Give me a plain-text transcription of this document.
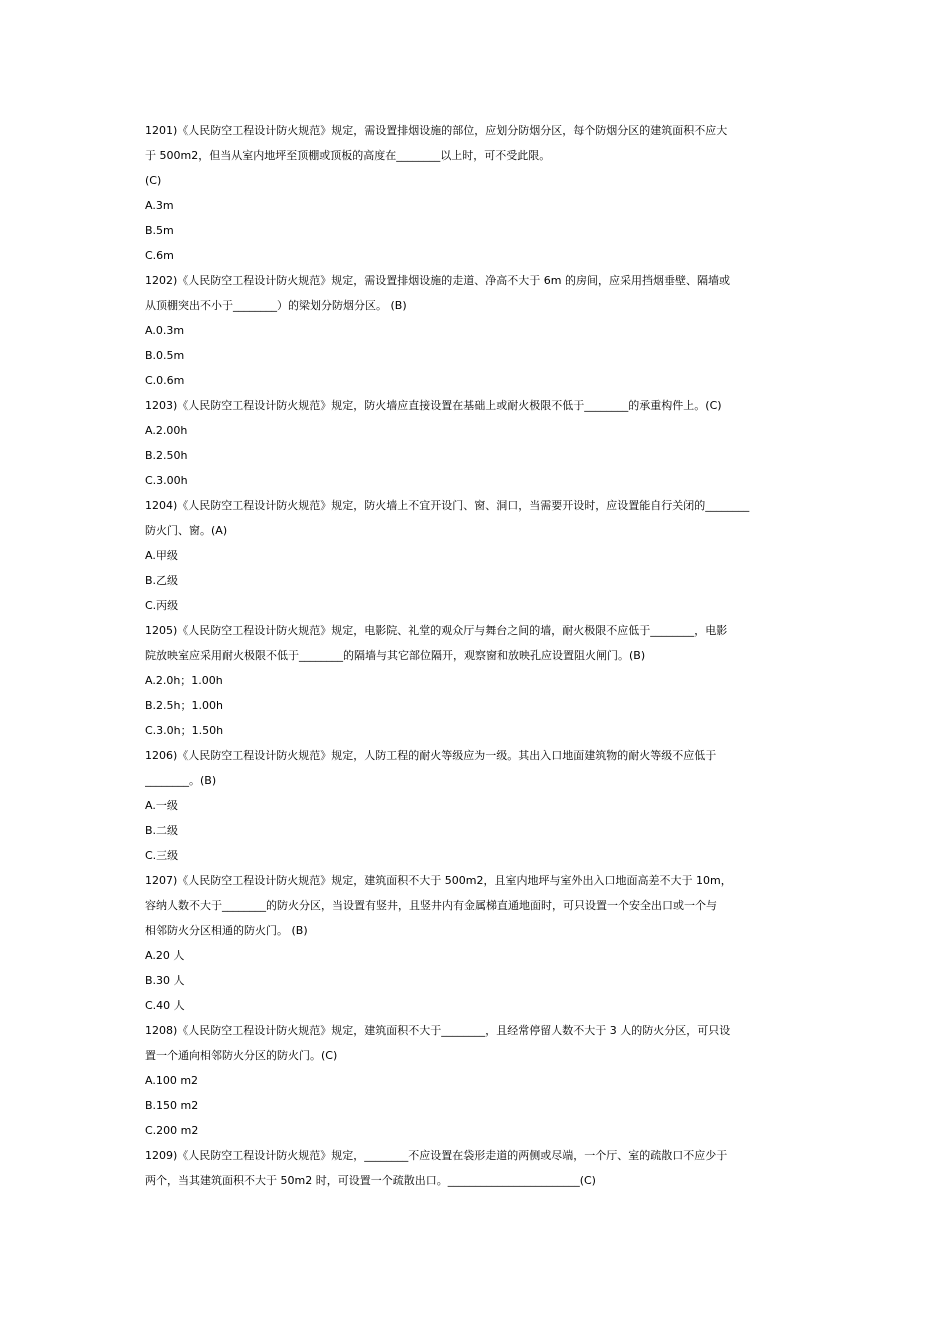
1201)《人民防空工程设计防火规范》规定，需设置排烟设施的部位，应划分防烟分区，每个防烟分区的建筑面积不应大
于 500m2，但当从室内地坪至顶棚或顶板的高度在________以上时，可不受此限。
(C)
A.3m
B.5m
C.6m
1202)《人民防空工程设计防火规范》规定，需设置排烟设施的走道、净高不大于 6m 的房间，应采用挡烟垂壁、隔墙或
从顶棚突出不小于________）的梁划分防烟分区。 (B)
A.0.3m
B.0.5m
C.0.6m
1203)《人民防空工程设计防火规范》规定，防火墙应直接设置在基础上或耐火极限不低于________的承重构件上。(C)
A.2.00h
B.2.50h
C.3.00h
1204)《人民防空工程设计防火规范》规定，防火墙上不宜开设门、窗、洞口，当需要开设时，应设置能自行关闭的________
防火门、窗。(A)
A.甲级
B.乙级
C.丙级
1205)《人民防空工程设计防火规范》规定，电影院、礼堂的观众厅与舞台之间的墙，耐火极限不应低于________，电影
院放映室应采用耐火极限不低于________的隔墙与其它部位隔开，观察窗和放映孔应设置阻火闸门。(B)
A.2.0h；1.00h
B.2.5h；1.00h
C.3.0h；1.50h
1206)《人民防空工程设计防火规范》规定，人防工程的耐火等级应为一级。其出入口地面建筑物的耐火等级不应低于
________。(B)
A.一级
B.二级
C.三级
1207)《人民防空工程设计防火规范》规定，建筑面积不大于 500m2，且室内地坪与室外出入口地面高差不大于 10m，
容纳人数不大于________的防火分区，当设置有竖井，且竖井内有金属梯直通地面时，可只设置一个安全出口或一个与
相邻防火分区相通的防火门。 (B)
A.20 人
B.30 人
C.40 人
1208)《人民防空工程设计防火规范》规定，建筑面积不大于________，且经常停留人数不大于 3 人的防火分区，可只设
置一个通向相邻防火分区的防火门。(C)
A.100 m2
B.150 m2
C.200 m2
1209)《人民防空工程设计防火规范》规定，________不应设置在袋形走道的两侧或尽端，一个厅、室的疏散口不应少于
两个，当其建筑面积不大于 50m2 时，可设置一个疏散出口。________________________(C)
